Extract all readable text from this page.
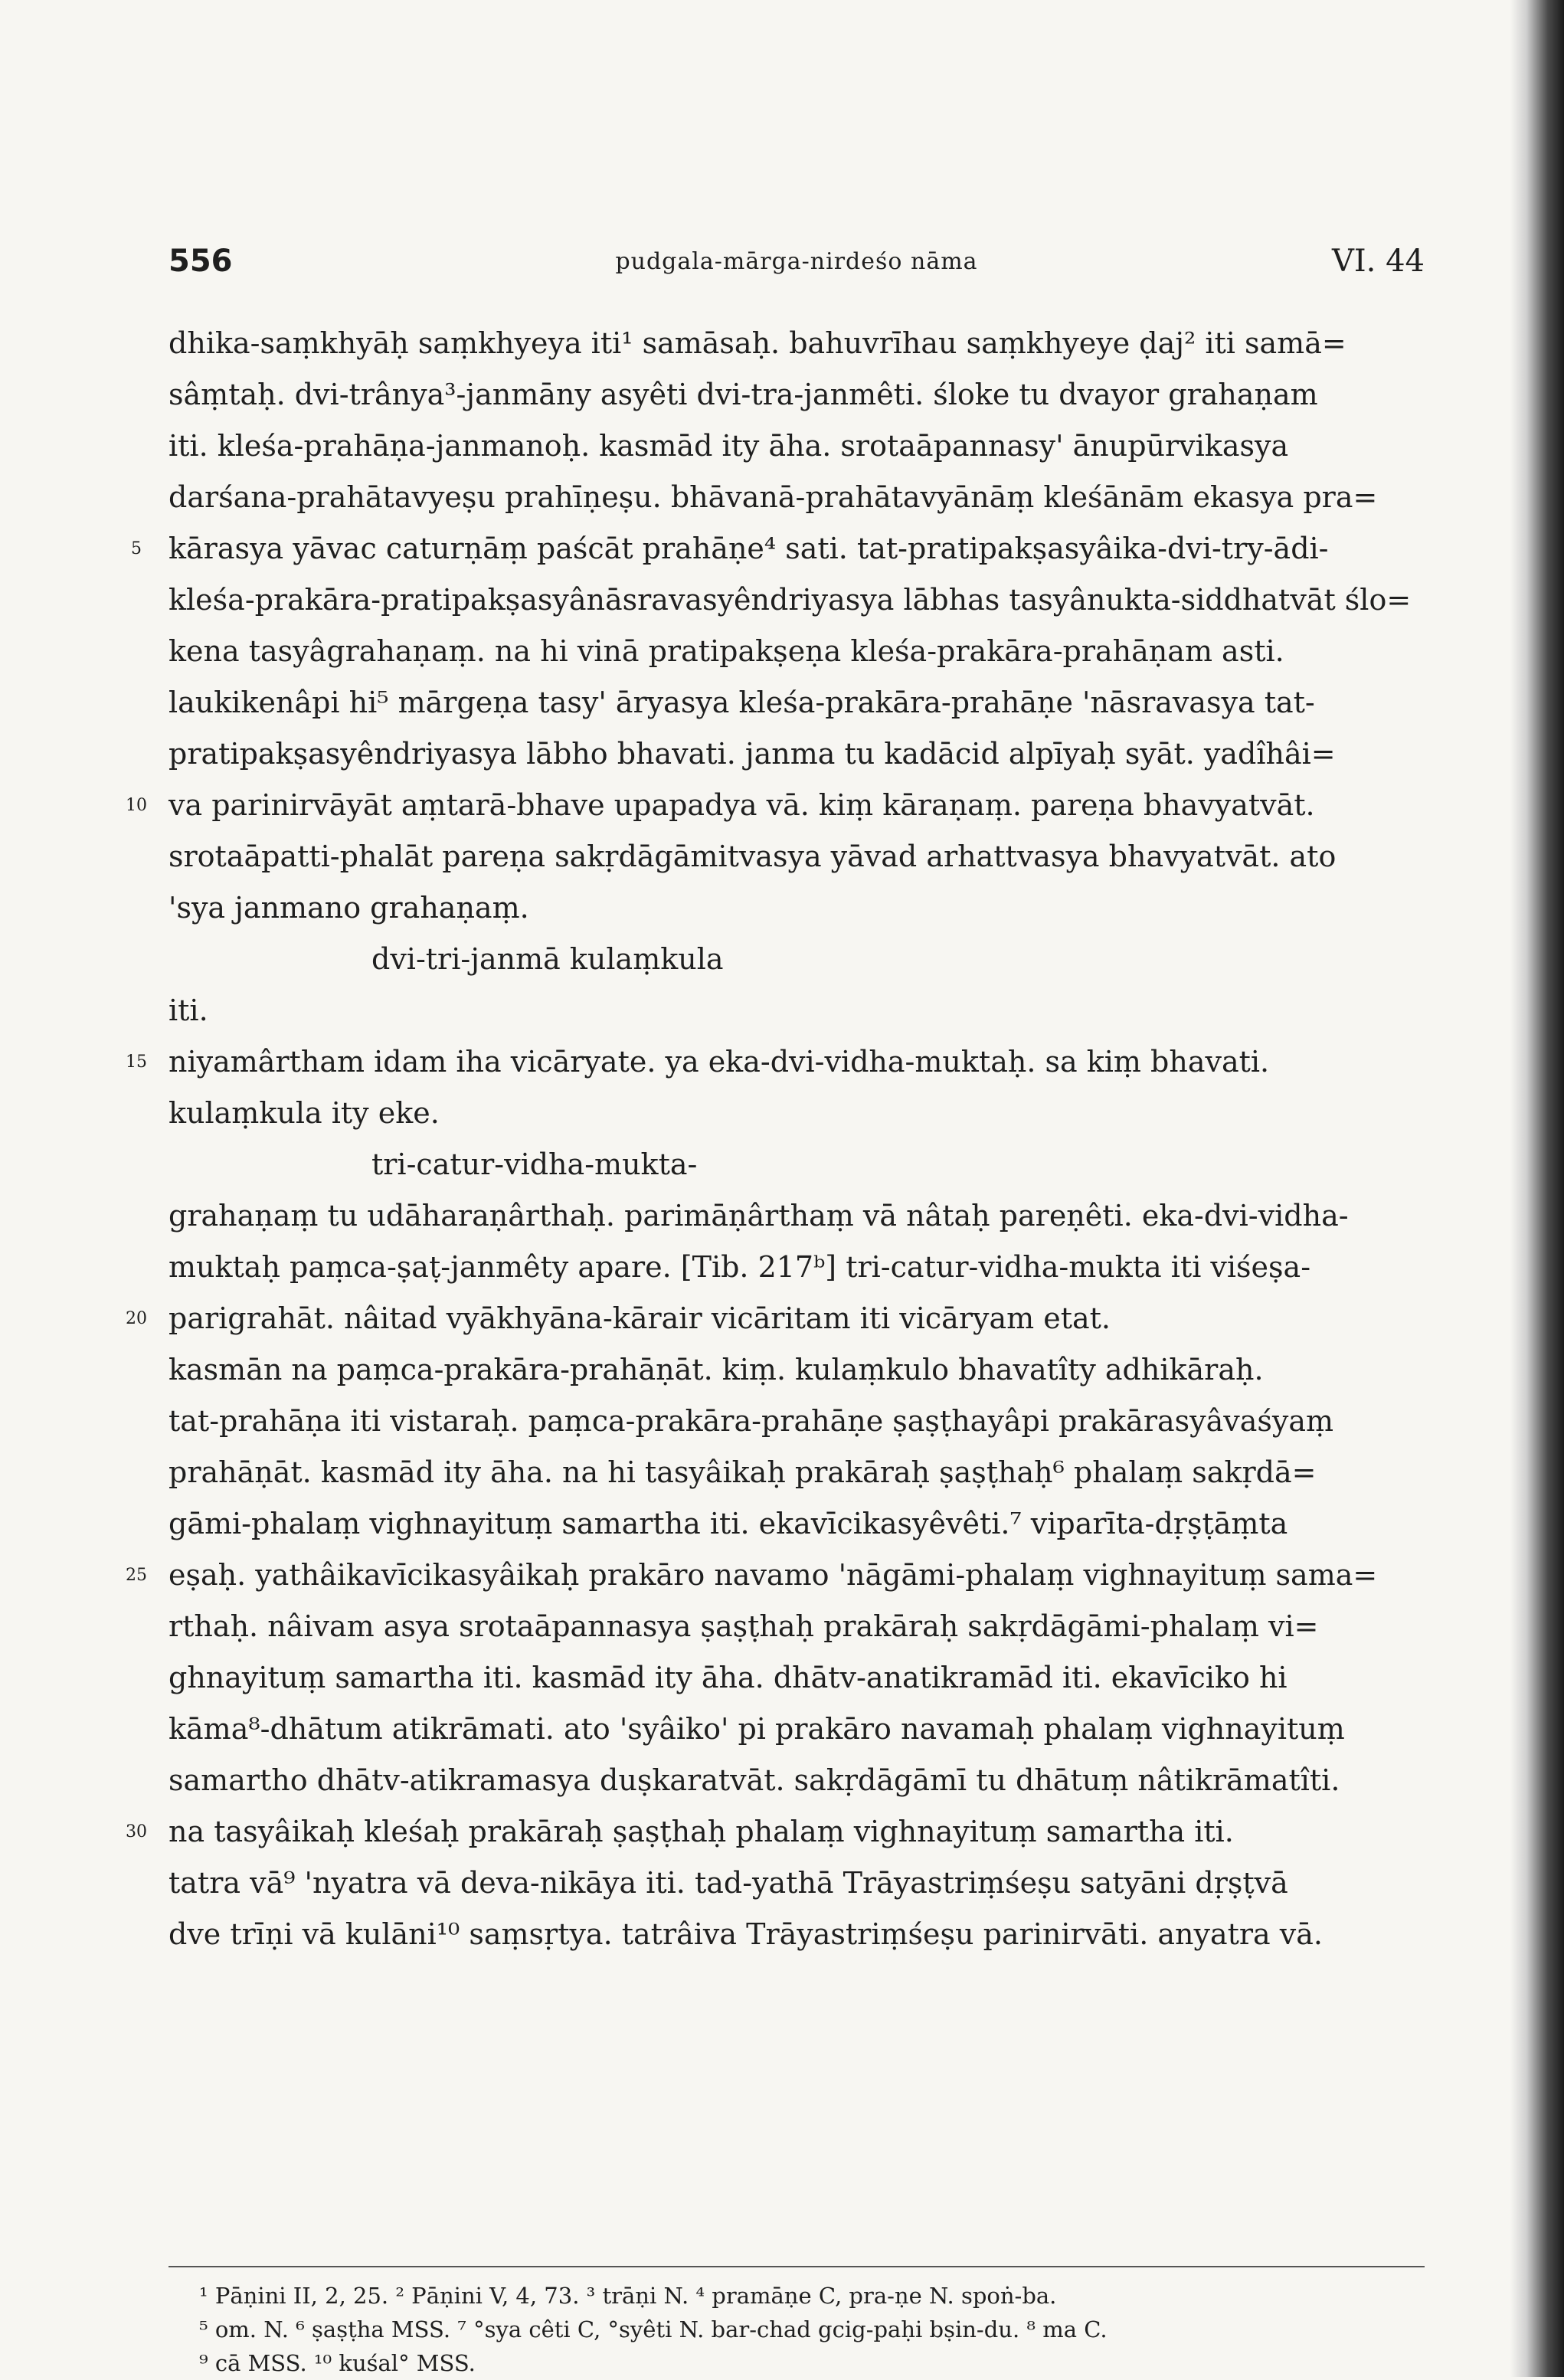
556	pudgala-mārga-nirdeśo nāma	VI. 44
dhika-saṃkhyāḥ saṃkhyeya iti¹ samāsaḥ. bahuvrīhau saṃkhyeye ḍaj² iti samā=
sâṃtaḥ. dvi-trânya³-janmāny asyêti dvi-tra-janmêti. śloke tu dvayor grahaṇam
iti. kleśa-prahāṇa-janmanoḥ. kasmād ity āha. srotaāpannasy' ānupūrvikasya
darśana-prahātavyeṣu prahīṇeṣu. bhāvanā-prahātavyānāṃ kleśānām ekasya pra=
5 kārasya yāvac caturṇāṃ paścāt prahāṇe⁴ sati. tat-pratipakṣasyâika-dvi-try-ādi-
kleśa-prakāra-pratipakṣasyânāsravasyêndriyasya lābhas tasyânukta-siddhatvāt ślo=
kena tasyâgrahaṇaṃ. na hi vinā pratipakṣeṇa kleśa-prakāra-prahāṇam asti.
laukikenâpi hi⁵ mārgeṇa tasy' āryasya kleśa-prakāra-prahāṇe 'nāsravasya tat-
pratipakṣasyêndriyasya lābho bhavati. janma tu kadācid alpīyaḥ syāt. yadîhâi=
10 va parinirvāyāt aṃtarā-bhave upapadya vā. kiṃ kāraṇaṃ. pareṇa bhavyatvāt.
srotaāpatti-phalāt pareṇa sakṛdāgāmitvasya yāvad arhattvasya bhavyatvāt. ato
'sya janmano grahaṇaṃ.
dvi-tri-janmā kulaṃkula
iti.
15 niyamârtham idam iha vicāryate. ya eka-dvi-vidha-muktaḥ. sa kiṃ bhavati.
kulaṃkula ity eke.
tri-catur-vidha-mukta-
grahaṇaṃ tu udāharaṇârthaḥ. parimāṇârthaṃ vā nâtaḥ pareṇêti. eka-dvi-vidha-
muktaḥ paṃca-ṣaṭ-janmêty apare. [Tib. 217ᵇ] tri-catur-vidha-mukta iti viśeṣa-
20 parigrahāt. nâitad vyākhyāna-kārair vicāritam iti vicāryam etat.
kasmān na paṃca-prakāra-prahāṇāt. kiṃ. kulaṃkulo bhavatîty adhikāraḥ.
tat-prahāṇa iti vistaraḥ. paṃca-prakāra-prahāṇe ṣaṣṭhayâpi prakārasyâvaśyaṃ
prahāṇāt. kasmād ity āha. na hi tasyâikaḥ prakāraḥ ṣaṣṭhaḥ⁶ phalaṃ sakṛdā=
gāmi-phalaṃ vighnayituṃ samartha iti. ekavīcikasyêvêti.⁷ viparīta-dṛṣṭāṃta
25 eṣaḥ. yathâikavīcikasyâikaḥ prakāro navamo 'nāgāmi-phalaṃ vighnayituṃ sama=
rthaḥ. nâivam asya srotaāpannasya ṣaṣṭhaḥ prakāraḥ sakṛdāgāmi-phalaṃ vi=
ghnayituṃ samartha iti. kasmād ity āha. dhātv-anatikramād iti. ekavīciko hi
kāma⁸-dhātum atikrāmati. ato 'syâiko' pi prakāro navamaḥ phalaṃ vighnayituṃ
samartho dhātv-atikramasya duṣkaratvāt. sakṛdāgāmī tu dhātuṃ nâtikrāmatîti.
30 na tasyâikaḥ kleśaḥ prakāraḥ ṣaṣṭhaḥ phalaṃ vighnayituṃ samartha iti.
tatra vā⁹ 'nyatra vā deva-nikāya iti. tad-yathā Trāyastriṃśeṣu satyāni dṛṣṭvā
dve trīṇi vā kulāni¹⁰ saṃsṛtya. tatrâiva Trāyastriṃśeṣu parinirvāti. anyatra vā.
¹ Pāṇini II, 2, 25. ² Pāṇini V, 4, 73. ³ trāṇi N. ⁴ pramāṇe C, pra-ṇe N. spoṅ-ba.
⁵ om. N. ⁶ ṣaṣṭha MSS. ⁷ °sya cêti C, °syêti N. bar-chad gcig-paḥi bṣin-du. ⁸ ma C.
⁹ cā MSS. ¹⁰ kuśal° MSS.
